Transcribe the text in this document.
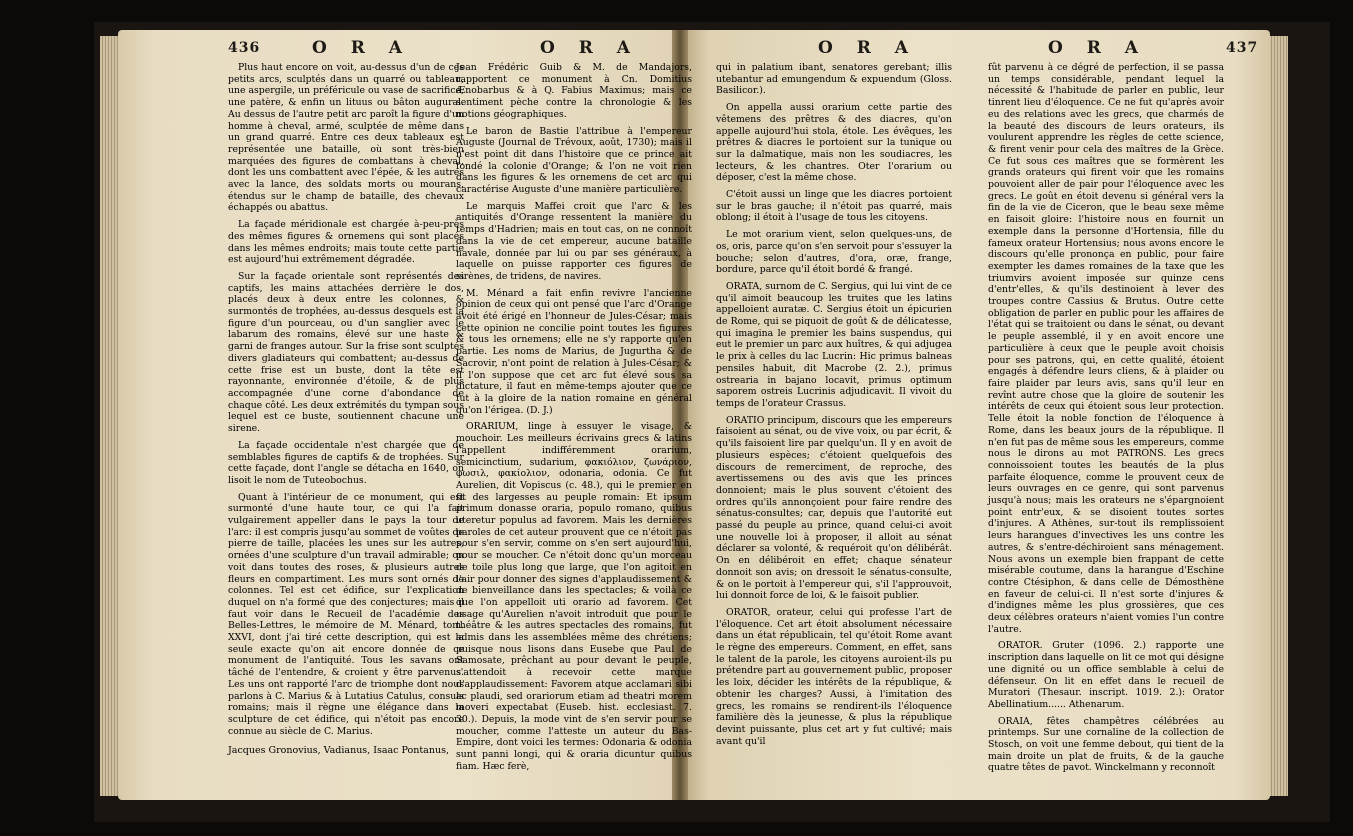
436	O R A	O R A	O R A	O R A	437

Plus haut encore on voit, au-dessus d'un de ces petits arcs, sculptés dans un quarré ou tableau, une aspergile, un préféricule ou vase de sacrifice, une patère, & enfin un lituus ou bâton augural. Au dessus de l'autre petit arc paroît la figure d'un homme à cheval, armé, sculptée de même dans un grand quarré. Entre ces deux tableaux est représentée une bataille, où sont très-bien marquées des figures de combattans à cheval, dont les uns combattent avec l'épée, & les autres avec la lance, des soldats morts ou mourans, étendus sur le champ de bataille, des chevaux échappés ou abattus.

La façade méridionale est chargée à-peu-près des mêmes figures & ornemens qui sont placés dans les mêmes endroits; mais toute cette partie est aujourd'hui extrêmement dégradée.

Sur la façade orientale sont représentés des captifs, les mains attachées derrière le dos, placés deux à deux entre les colonnes, & surmontés de trophées, au-dessus desquels est la figure d'un pourceau, ou d'un sanglier avec le labarum des romains, élevé sur une haste & garni de franges autour. Sur la frise sont sculptés divers gladiateurs qui combattent; au-dessus de cette frise est un buste, dont la tête est rayonnante, environnée d'étoile, & de plus accompagnée d'une corne d'abondance de chaque côté. Les deux extrémités du tympan sous lequel est ce buste, soutiennent chacune une sirene.

La façade occidentale n'est chargée que de semblables figures de captifs & de trophées. Sur cette façade, dont l'angle se détacha en 1640, on lisoit le nom de Tuteobochus.

Quant à l'intérieur de ce monument, qui est surmonté d'une haute tour, ce qui l'a fait vulgairement appeller dans le pays la tour de l'arc: il est compris jusqu'au sommet de voûtes de pierre de taille, placées les unes sur les autres, ornées d'une sculpture d'un travail admirable; on voit dans toutes des roses, & plusieurs autres fleurs en compartiment. Les murs sont ornés de colonnes. Tel est cet édifice, sur l'explication duquel on n'a formé que des conjectures; mais il faut voir dans le Recueil de l'académie des Belles-Lettres, le mémoire de M. Ménard, tom. XXVI, dont j'ai tiré cette description, qui est la seule exacte qu'on ait encore donnée de ce monument de l'antiquité. Tous les savans ont tâché de l'entendre, & croient y être parvenus. Les uns ont rapporté l'arc de triomphe dont nous parlons à C. Marius & à Lutatius Catulus, consuls romains; mais il règne une élégance dans la sculpture de cet édifice, qui n'étoit pas encore connue au siècle de C. Marius.

Jacques Gronovius, Vadianus, Isaac Pontanus,

Jean Frédéric Guib & M. de Mandajors, rapportent ce monument à Cn. Domitius Ænobarbus & à Q. Fabius Maximus; mais ce sentiment pèche contre la chronologie & les notions géographiques.

Le baron de Bastie l'attribue à l'empereur Auguste (Journal de Trévoux, août, 1730); mais il n'est point dit dans l'histoire que ce prince ait fondé la colonie d'Orange; & l'on ne voit rien dans les figures & les ornemens de cet arc qui caractérise Auguste d'une manière particulière.

Le marquis Maffei croit que l'arc & les antiquités d'Orange ressentent la manière du temps d'Hadrien; mais en tout cas, on ne connoît dans la vie de cet empereur, aucune bataille navale, donnée par lui ou par ses généraux, à laquelle on puisse rapporter ces figures de sirènes, de tridens, de navires.

M. Ménard a fait enfin revivre l'ancienne opinion de ceux qui ont pensé que l'arc d'Orange avoit été érigé en l'honneur de Jules-César; mais cette opinion ne concilie point toutes les figures & tous les ornemens; elle ne s'y rapporte qu'en partie. Les noms de Marius, de Jugurtha & de Sacrovir, n'ont point de relation à Jules-César; & il l'on suppose que cet arc fut élevé sous sa dictature, il faut en même-temps ajouter que ce fut à la gloire de la nation romaine en général qu'on l'érigea. (D. J.)

ORARIUM, linge à essuyer le visage, & mouchoir. Les meilleurs écrivains grecs & latins l'appellent indifféremment orarium, semicinctium, sudarium, φακιόλιον, ζωνάριον, φωσιλ, φακίολιον, odonaria, odonia. Ce fut Aurelien, dit Vopiscus (c. 48.), qui le premier en fit des largesses au peuple romain: Et ipsum primum donasse oraria, populo romano, quibus uteretur populus ad favorem. Mais les dernières paroles de cet auteur prouvent que ce n'étoit pas pour s'en servir, comme on s'en sert aujourd'hui, pour se moucher. Ce n'étoit donc qu'un morceau de toile plus long que large, que l'on agitoit en l'air pour donner des signes d'applaudissement & de bienveillance dans les spectacles; & voilà ce que l'on appelloit uti orario ad favorem. Cet usage qu'Aurelien n'avoit introduit que pour le théâtre & les autres spectacles des romains, fut admis dans les assemblées même des chrétiens; puisque nous lisons dans Eusebe que Paul de Samosate, prêchant au pour devant le peuple, s'attendoit à recevoir cette marque d'applaudissement: Favorem atque acclamari sibi ac plaudi, sed orariorum etiam ad theatri morem moveri expectabat (Euseb. hist. ecclesiast. 7. 30.). Depuis, la mode vint de s'en servir pour se moucher, comme l'atteste un auteur du Bas-Empire, dont voici les termes: Odonaria & odonia sunt panni longi, qui & oraria dicuntur quibus fiam. Hæc ferè,

qui in palatium ibant, senatores gerebant; illis utebantur ad emungendum & expuendum (Gloss. Basilicor.).

On appella aussi orarium cette partie des vêtemens des prêtres & des diacres, qu'on appelle aujourd'hui stola, étole. Les évêques, les prêtres & diacres le portoient sur la tunique ou sur la dalmatique, mais non les soudiacres, les lecteurs, & les chantres. Oter l'orarium ou déposer, c'est la même chose.

C'étoit aussi un linge que les diacres portoient sur le bras gauche; il n'étoit pas quarré, mais oblong; il étoit à l'usage de tous les citoyens.

Le mot orarium vient, selon quelques-uns, de os, oris, parce qu'on s'en servoit pour s'essuyer la bouche; selon d'autres, d'ora, oræ, frange, bordure, parce qu'il étoit bordé & frangé.

ORATA, surnom de C. Sergius, qui lui vint de ce qu'il aimoit beaucoup les truites que les latins appelloient auratæ. C. Sergius étoit un épicurien de Rome, qui se piquoit de goût & de délicatesse, qui imagina le premier les bains suspendus, qui eut le premier un parc aux huîtres, & qui adjugea le prix à celles du lac Lucrin: Hic primus balneas pensiles habuit, dit Macrobe (2. 2.), primus ostrearia in bajano locavit, primus optimum saporem ostreis Lucrinis adjudicavit. Il vivoit du temps de l'orateur Crassus.

ORATIO principum, discours que les empereurs faisoient au sénat, ou de vive voix, ou par écrit, & qu'ils faisoient lire par quelqu'un. Il y en avoit de plusieurs espèces; c'étoient quelquefois des discours de remerciment, de reproche, des avertissemens ou des avis que les princes donnoient; mais le plus souvent c'étoient des ordres qu'ils annonçoient pour faire rendre des sénatus-consultes; car, depuis que l'autorité eut passé du peuple au prince, quand celui-ci avoit une nouvelle loi à proposer, il alloit au sénat déclarer sa volonté, & requéroit qu'on délibérât. On en délibéroit en effet; chaque sénateur donnoit son avis; on dressoit le sénatus-consulte, & on le portoit à l'empereur qui, s'il l'approuvoit, lui donnoit force de loi, & le faisoit publier.

ORATOR, orateur, celui qui professe l'art de l'éloquence. Cet art étoit absolument nécessaire dans un état républicain, tel qu'étoit Rome avant le règne des empereurs. Comment, en effet, sans le talent de la parole, les citoyens auroient-ils pu prétendre part au gouvernement public, proposer les loix, décider les intérêts de la république, & obtenir les charges? Aussi, à l'imitation des grecs, les romains se rendirent-ils l'éloquence familière dès la jeunesse, & plus la république devint puissante, plus cet art y fut cultivé; mais avant qu'il

fût parvenu à ce dégré de perfection, il se passa un temps considérable, pendant lequel la nécessité & l'habitude de parler en public, leur tinrent lieu d'éloquence. Ce ne fut qu'après avoir eu des relations avec les grecs, que charmés de la beauté des discours de leurs orateurs, ils voulurent apprendre les règles de cette science, & firent venir pour cela des maîtres de la Grèce. Ce fut sous ces maîtres que se formèrent les grands orateurs qui firent voir que les romains pouvoient aller de pair pour l'éloquence avec les grecs. Le goût en étoit devenu si général vers la fin de la vie de Ciceron, que le beau sexe même en faisoit gloire: l'histoire nous en fournit un exemple dans la personne d'Hortensia, fille du fameux orateur Hortensius; nous avons encore le discours qu'elle prononça en public, pour faire exempter les dames romaines de la taxe que les triumvirs avoient imposée sur quinze cens d'entr'elles, & qu'ils destinoient à lever des troupes contre Cassius & Brutus. Outre cette obligation de parler en public pour les affaires de l'état qui se traitoient ou dans le sénat, ou devant le peuple assemblé, il y en avoit encore une particulière à ceux que le peuple avoit choisis pour ses patrons, qui, en cette qualité, étoient engagés à défendre leurs cliens, & à plaider ou faire plaider par leurs avis, sans qu'il leur en revînt autre chose que la gloire de soutenir les intérêts de ceux qui étoient sous leur protection. Telle étoit la noble fonction de l'éloquence à Rome, dans les beaux jours de la république. Il n'en fut pas de même sous les empereurs, comme nous le dirons au mot PATRONS. Les grecs connoissoient toutes les beautés de la plus parfaite éloquence, comme le prouvent ceux de leurs ouvrages en ce genre, qui sont parvenus jusqu'à nous; mais les orateurs ne s'épargnoient point entr'eux, & se disoient toutes sortes d'injures. A Athènes, sur-tout ils remplissoient leurs harangues d'invectives les uns contre les autres, & s'entre-déchiroient sans ménagement. Nous avons un exemple bien frappant de cette misérable coutume, dans la harangue d'Eschine contre Ctésiphon, & dans celle de Démosthène en faveur de celui-ci. Il n'est sorte d'injures & d'indignes même les plus grossières, que ces deux célèbres orateurs n'aient vomies l'un contre l'autre.

ORATOR. Gruter (1096. 2.) rapporte une inscription dans laquelle on lit ce mot qui désigne une dignité ou un office semblable à celui de défenseur. On lit en effet dans le recueil de Muratori (Thesaur. inscript. 1019. 2.): Orator Abellinatium...... Athenarum.

ORAIA, fêtes champêtres célébrées au printemps. Sur une cornaline de la collection de Stosch, on voit une femme debout, qui tient de la main droite un plat de fruits, & de la gauche quatre têtes de pavot. Winckelmann y reconnoît
